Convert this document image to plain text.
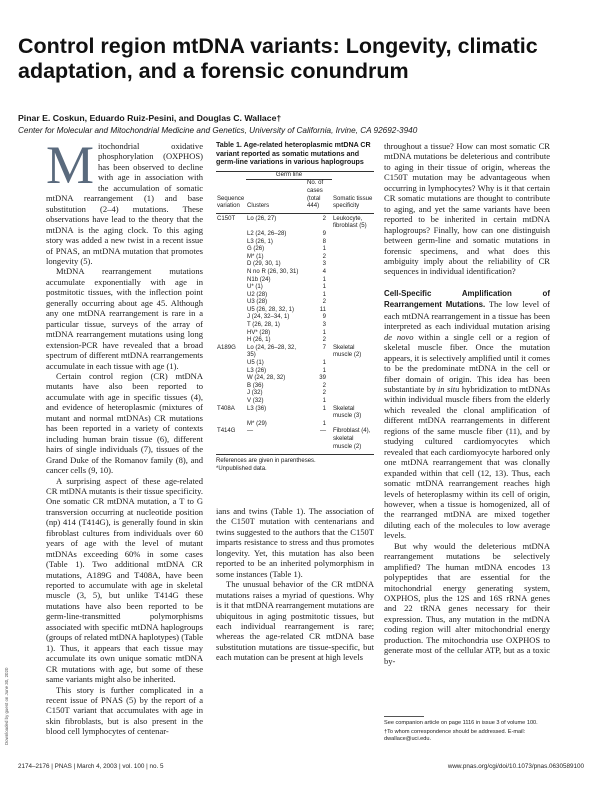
Control region mtDNA variants: Longevity, climatic adaptation, and a forensic conundrum
Pinar E. Coskun, Eduardo Ruiz-Pesini, and Douglas C. Wallace†
Center for Molecular and Mitochondrial Medicine and Genetics, University of California, Irvine, CA 92692-3940

Mitochondrial oxidative phosphorylation (OXPHOS) has been observed to decline with age in association with the accumulation of somatic mtDNA rearrangement (1) and base substitution (2–4) mutations. These observations have lead to the theory that the mtDNA is the aging clock. To this aging story was added a new twist in a recent issue of PNAS, an mtDNA mutation that promotes longevity (5).

MtDNA rearrangement mutations accumulate exponentially with age in postmitotic tissues, with the inflection point generally occurring about age 45. Although any one mtDNA rearrangement is rare in a particular tissue, surveys of the array of mtDNA rearrangement mutations using long extension-PCR have revealed that a broad spectrum of different mtDNA rearrangements accumulate in each tissue with age (1).

Certain control region (CR) mtDNA mutants have also been reported to accumulate with age in specific tissues (4), and evidence of heteroplasmic (mixtures of mutant and normal mtDNAs) CR mutations has been reported in a variety of contexts including human brain tissue (6), different hairs of single individuals (7), tissues of the Grand Duke of the Romanov family (8), and cancer cells (9, 10).

A surprising aspect of these age-related CR mtDNA mutants is their tissue specificity. One somatic CR mtDNA mutation, a T to G transversion occurring at nucleotide position (np) 414 (T414G), is generally found in skin fibroblast cultures from individuals over 60 years of age with the level of mutant mtDNAs exceeding 60% in some cases (Table 1). Two additional mtDNA CR mutations, A189G and T408A, have been reported to accumulate with age in skeletal muscle (3, 5), but unlike T414G these mutations have also been reported to be germ-line-transmitted polymorphisms associated with specific mtDNA haplogroups (groups of related mtDNA haplotypes) (Table 1). Thus, it appears that each tissue may accumulate its own unique somatic mtDNA CR mutations with age, but some of these same variants might also be inherited.

This story is further complicated in a recent issue of PNAS (5) by the report of a C150T variant that accumulates with age in skin fibroblasts, but is also present in the blood cell lymphocytes of centenar-

Table 1. Age-related heteroplasmic mtDNA CR variant reported as somatic mutations and germ-line variations in various haplogroups
	Germ line		
Sequence variation	Clusters	No. of cases (total 444)	Somatic tissue specificity
C150T	Lo (26, 27)	2	Leukocyte, fibroblast (5)
	L2 (24, 26–28)	9	
	L3 (26, 1)	8	
	G (26)	1	
	M* (1)	2	
	D (29, 30, 1)	3	
	N no R (26, 30, 31)	4	
	N1b (24)	1	
	U* (1)	1	
	U2 (28)	1	
	U3 (28)	2	
	U5 (26, 28, 32, 1)	11	
	J (24, 32–34, 1)	9	
	T (26, 28, 1)	3	
	HV* (28)	1	
	H (26, 1)	2	
A189G	Lo (24, 26–28, 32, 35)	7	Skeletal muscle (2)
	U5 (1)	1	
	L3 (26)	1	
	W (24, 28, 32)	39	
	B (36)	2	
	J (32)	2	
	V (32)	1	
T408A	L3 (36)	1	Skeletal muscle (3)
	M* (29)	1	
T414G	—	—	Fibroblast (4), skeletal muscle (2)
References are given in parentheses.
*Unpublished data.

ians and twins (Table 1). The association of the C150T mutation with centenarians and twins suggested to the authors that the C150T imparts resistance to stress and thus promotes longevity. Yet, this mutation has also been reported to be an inherited polymorphism in some instances (Table 1).

The unusual behavior of the CR mtDNA mutations raises a myriad of questions. Why is it that mtDNA rearrangement mutations are ubiquitous in aging postmitotic tissues, but each individual rearrangement is rare; whereas the age-related CR mtDNA base substitution mutations are tissue-specific, but each mutation can be present at high levels

throughout a tissue? How can most somatic CR mtDNA mutations be deleterious and contribute to aging in their tissue of origin, whereas the C150T mutation may be advantageous when occurring in lymphocytes? Why is it that certain CR somatic mutations are thought to contribute to aging, and yet the same variants have been reported to be inherited in certain mtDNA haplogroups? Finally, how can one distinguish between germ-line and somatic mutations in forensic specimens, and what does this ambiguity imply about the reliability of CR sequences in individual identification?

Cell-Specific Amplification of Rearrangement Mutations. The low level of each mtDNA rearrangement in a tissue has been interpreted as each individual mutation arising de novo within a single cell or a region of skeletal muscle fiber. Once the mutation appears, it is selectively amplified until it comes to be the predominate mtDNA in the cell or fiber domain of origin. This idea has been substantiate by in situ hybridization to mtDNAs within individual muscle fibers from the elderly which revealed the clonal amplification of different mtDNA rearrangements in different regions of the same muscle fiber (11), and by studying cultured cardiomyocytes which revealed that each cardiomyocyte harbored only one mtDNA rearrangement that was clonally expanded within that cell (12, 13). Thus, each somatic mtDNA rearrangement reaches high levels of heteroplasmy within its cell of origin, however, when a tissue is homogenized, all of the rearranged mtDNA are mixed together diluting each of the molecules to low average levels.

But why would the deleterious mtDNA rearrangement mutations be selectively amplified? The human mtDNA encodes 13 polypeptides that are essential for the mitochondrial energy generating system, OXPHOS, plus the 12S and 16S rRNA genes and 22 tRNA genes necessary for their expression. Thus, any mutation in the mtDNA coding region will alter mitochondrial energy production. The mitochondria use OXPHOS to generate most of the cellular ATP, but as a toxic by-

See companion article on page 1116 in issue 3 of volume 100.

†To whom correspondence should be addressed. E-mail: dwallace@uci.edu.

Downloaded by guest on June 30, 2020
2174–2176 | PNAS | March 4, 2003 | vol. 100 | no. 5	www.pnas.org/cgi/doi/10.1073/pnas.0630589100
